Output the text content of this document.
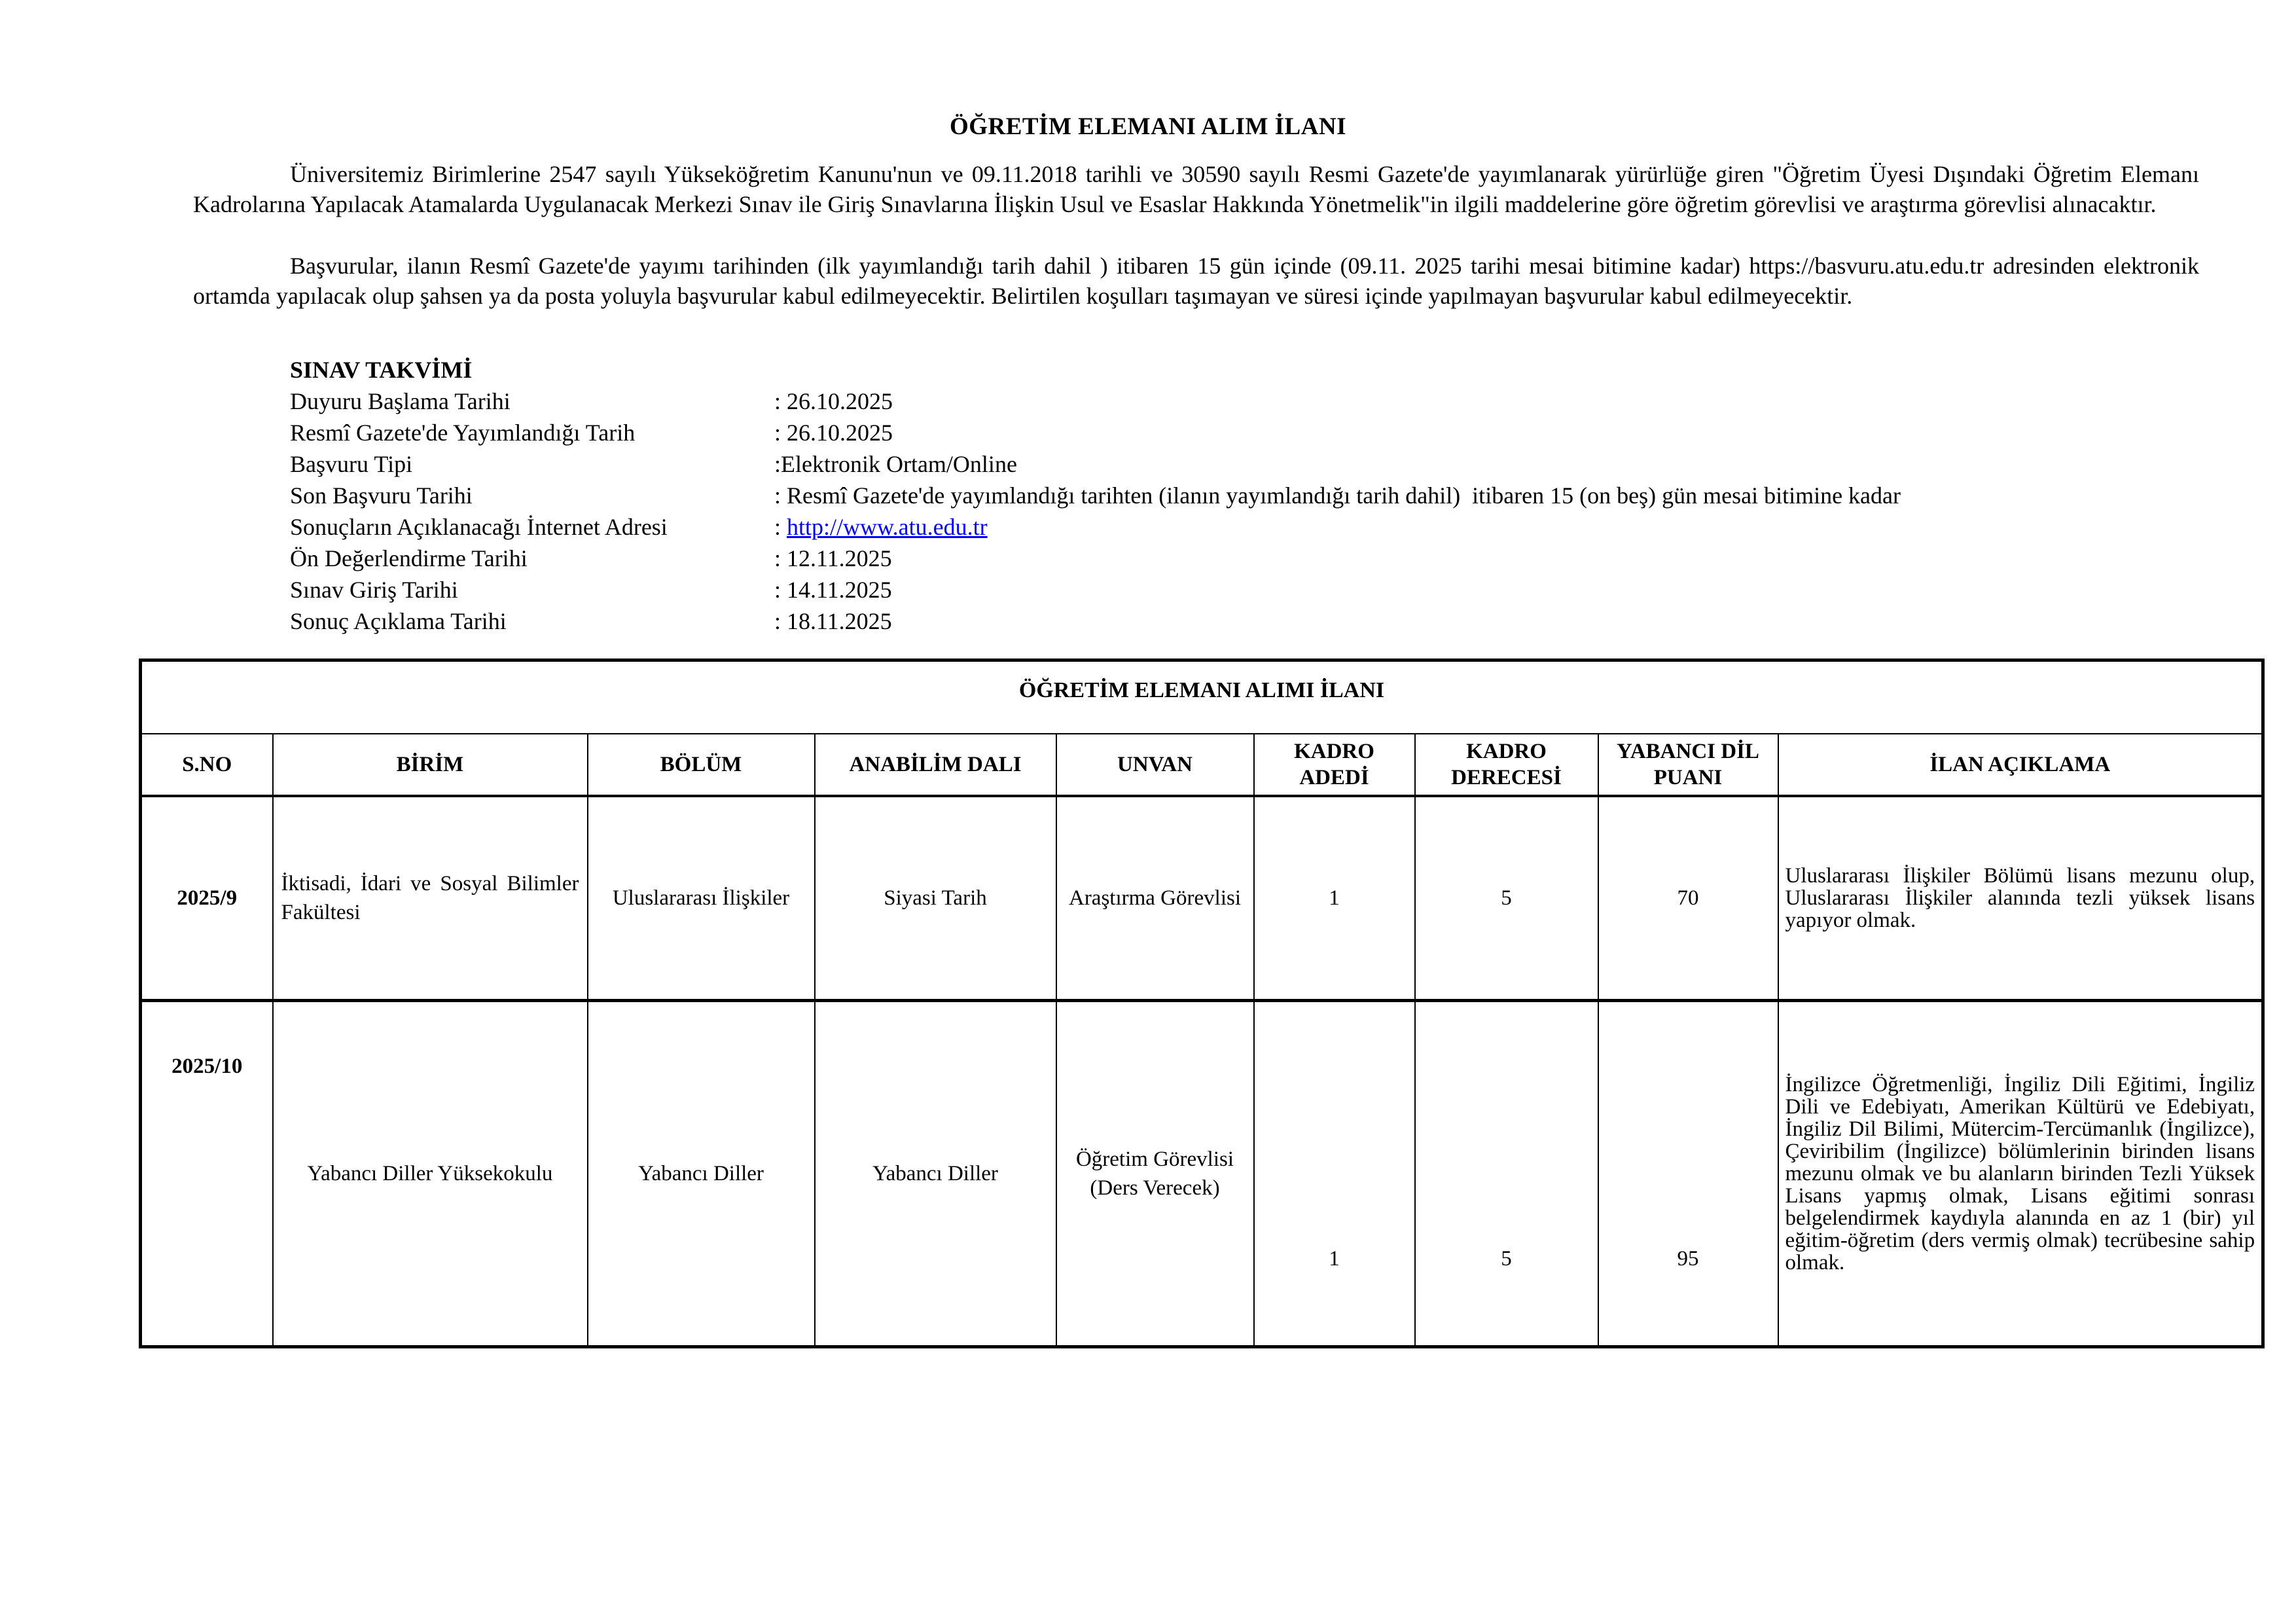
ÖĞRETİM ELEMANI ALIM İLANI

Üniversitemiz Birimlerine 2547 sayılı Yükseköğretim Kanunu'nun ve 09.11.2018 tarihli ve 30590 sayılı Resmi Gazete'de yayımlanarak yürürlüğe giren "Öğretim Üyesi Dışındaki Öğretim Elemanı Kadrolarına Yapılacak Atamalarda Uygulanacak Merkezi Sınav ile Giriş Sınavlarına İlişkin Usul ve Esaslar Hakkında Yönetmelik"in ilgili maddelerine göre öğretim görevlisi ve araştırma görevlisi alınacaktır.

Başvurular, ilanın Resmî Gazete'de yayımı tarihinden (ilk yayımlandığı tarih dahil ) itibaren 15 gün içinde (09.11. 2025 tarihi mesai bitimine kadar) https://basvuru.atu.edu.tr adresinden elektronik ortamda yapılacak olup şahsen ya da posta yoluyla başvurular kabul edilmeyecektir. Belirtilen koşulları taşımayan ve süresi içinde yapılmayan başvurular kabul edilmeyecektir.

SINAV TAKVİMİ
Duyuru Başlama Tarihi	: 26.10.2025
Resmî Gazete'de Yayımlandığı Tarih	: 26.10.2025
Başvuru Tipi	:Elektronik Ortam/Online
Son Başvuru Tarihi	: Resmî Gazete'de yayımlandığı tarihten (ilanın yayımlandığı tarih dahil)  itibaren 15 (on beş) gün mesai bitimine kadar
Sonuçların Açıklanacağı İnternet Adresi	: http://www.atu.edu.tr
Ön Değerlendirme Tarihi	: 12.11.2025
Sınav Giriş Tarihi	: 14.11.2025
Sonuç Açıklama Tarihi	: 18.11.2025
ÖĞRETİM ELEMANI ALIMI İLANI								
S.NO	BİRİM	BÖLÜM	ANABİLİM DALI	UNVAN	KADRO ADEDİ	KADRO DERECESİ	YABANCI DİL PUANI	İLAN AÇIKLAMA
2025/9	İktisadi, İdari ve Sosyal Bilimler Fakültesi	Uluslararası İlişkiler	Siyasi Tarih	Araştırma Görevlisi	1	5	70	Uluslararası İlişkiler Bölümü lisans mezunu olup, Uluslararası İlişkiler alanında tezli yüksek lisans yapıyor olmak.
2025/10	Yabancı Diller Yüksekokulu	Yabancı Diller	Yabancı Diller	Öğretim Görevlisi (Ders Verecek)	1	5	95	İngilizce Öğretmenliği, İngiliz Dili Eğitimi, İngiliz Dili ve Edebiyatı, Amerikan Kültürü ve Edebiyatı, İngiliz Dil Bilimi, Mütercim-Tercümanlık (İngilizce), Çeviribilim (İngilizce) bölümlerinin birinden lisans mezunu olmak ve bu alanların birinden Tezli Yüksek Lisans yapmış olmak, Lisans eğitimi sonrası belgelendirmek kaydıyla alanında en az 1 (bir) yıl eğitim-öğretim (ders vermiş olmak) tecrübesine sahip olmak.
